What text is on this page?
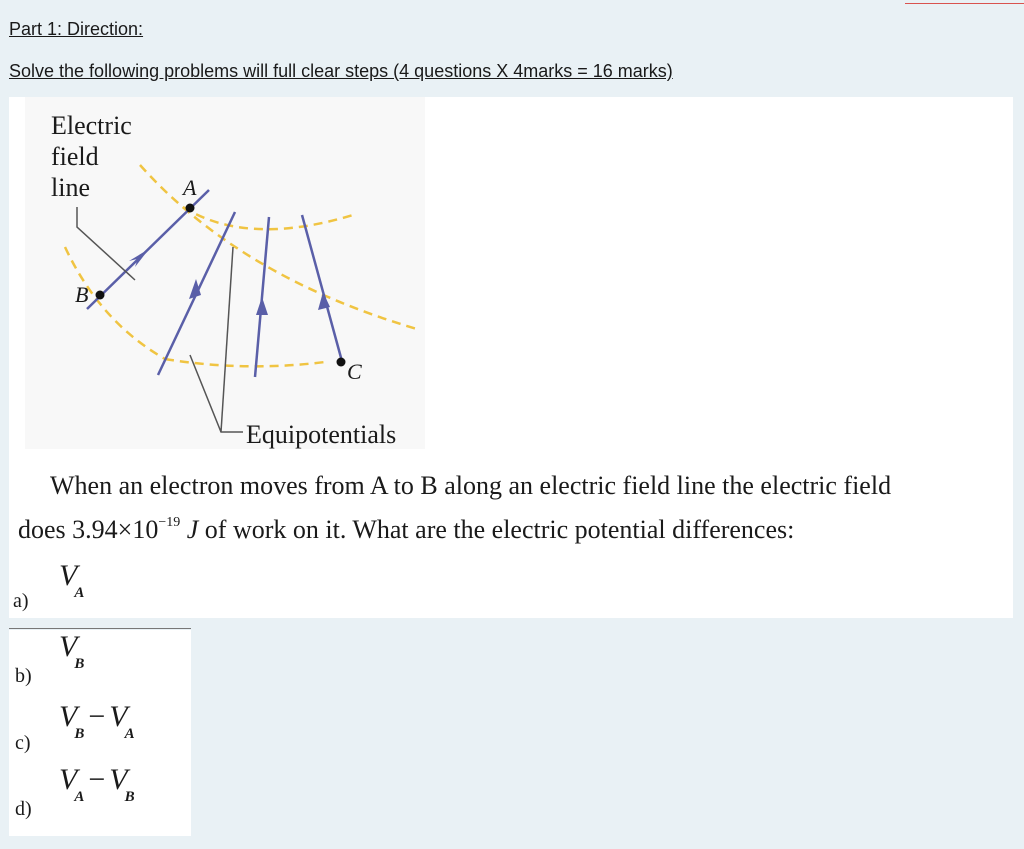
Part 1: Direction:
Solve the following problems will full clear steps (4 questions X 4marks = 16 marks)
Electric
field
line	A
B
C
Equipotentials
When an electron moves from A to B along an electric field line the electric field
does $3.94\times 10^{-19}$ J of work on it. What are the electric potential differences:
a)
$V_A$
b)
$V_B$
c)
$V_B- V_A$
d)
$V_A- V_B$
